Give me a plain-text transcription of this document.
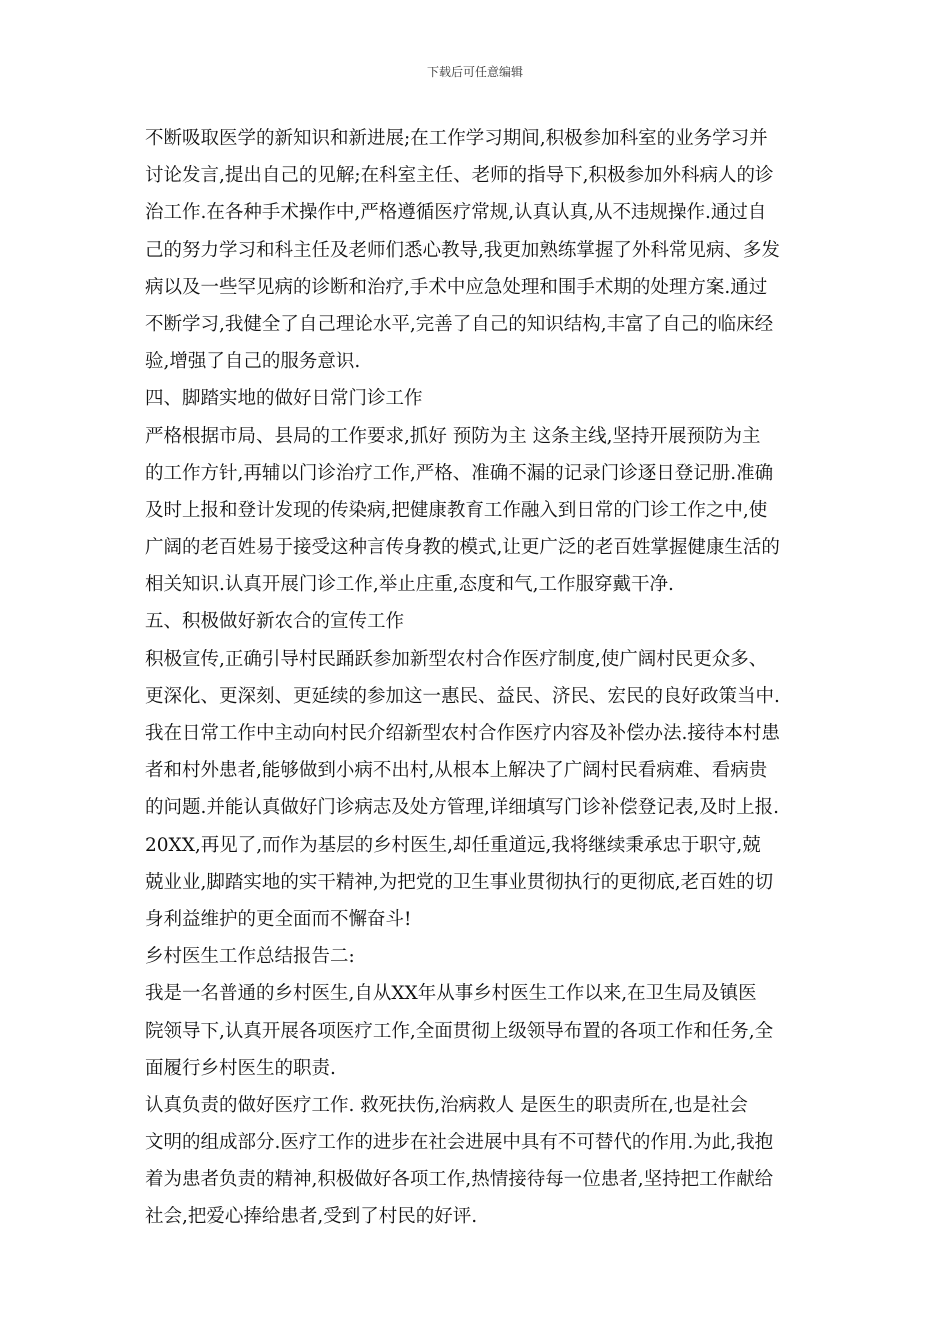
下载后可任意编辑
不断吸取医学的新知识和新进展;在工作学习期间,积极参加科室的业务学习并
讨论发言,提出自己的见解;在科室主任、老师的指导下,积极参加外科病人的诊
治工作.在各种手术操作中,严格遵循医疗常规,认真认真,从不违规操作.通过自
己的努力学习和科主任及老师们悉心教导,我更加熟练掌握了外科常见病、多发
病以及一些罕见病的诊断和治疗,手术中应急处理和围手术期的处理方案.通过
不断学习,我健全了自己理论水平,完善了自己的知识结构,丰富了自己的临床经
验,增强了自己的服务意识.
四、脚踏实地的做好日常门诊工作
严格根据市局、县局的工作要求,抓好 预防为主 这条主线,坚持开展预防为主
的工作方针,再辅以门诊治疗工作,严格、准确不漏的记录门诊逐日登记册.准确
及时上报和登计发现的传染病,把健康教育工作融入到日常的门诊工作之中,使
广阔的老百姓易于接受这种言传身教的模式,让更广泛的老百姓掌握健康生活的
相关知识.认真开展门诊工作,举止庄重,态度和气,工作服穿戴干净.
五、积极做好新农合的宣传工作
积极宣传,正确引导村民踊跃参加新型农村合作医疗制度,使广阔村民更众多、
更深化、更深刻、更延续的参加这一惠民、益民、济民、宏民的良好政策当中.
我在日常工作中主动向村民介绍新型农村合作医疗内容及补偿办法.接待本村患
者和村外患者,能够做到小病不出村,从根本上解决了广阔村民看病难、看病贵
的问题.并能认真做好门诊病志及处方管理,详细填写门诊补偿登记表,及时上报.
20XX,再见了,而作为基层的乡村医生,却任重道远,我将继续秉承忠于职守,兢
兢业业,脚踏实地的实干精神,为把党的卫生事业贯彻执行的更彻底,老百姓的切
身利益维护的更全面而不懈奋斗!
乡村医生工作总结报告二:
我是一名普通的乡村医生,自从XX年从事乡村医生工作以来,在卫生局及镇医
院领导下,认真开展各项医疗工作,全面贯彻上级领导布置的各项工作和任务,全
面履行乡村医生的职责.
认真负责的做好医疗工作. 救死扶伤,治病救人 是医生的职责所在,也是社会
文明的组成部分.医疗工作的进步在社会进展中具有不可替代的作用.为此,我抱
着为患者负责的精神,积极做好各项工作,热情接待每一位患者,坚持把工作献给
社会,把爱心捧给患者,受到了村民的好评.
